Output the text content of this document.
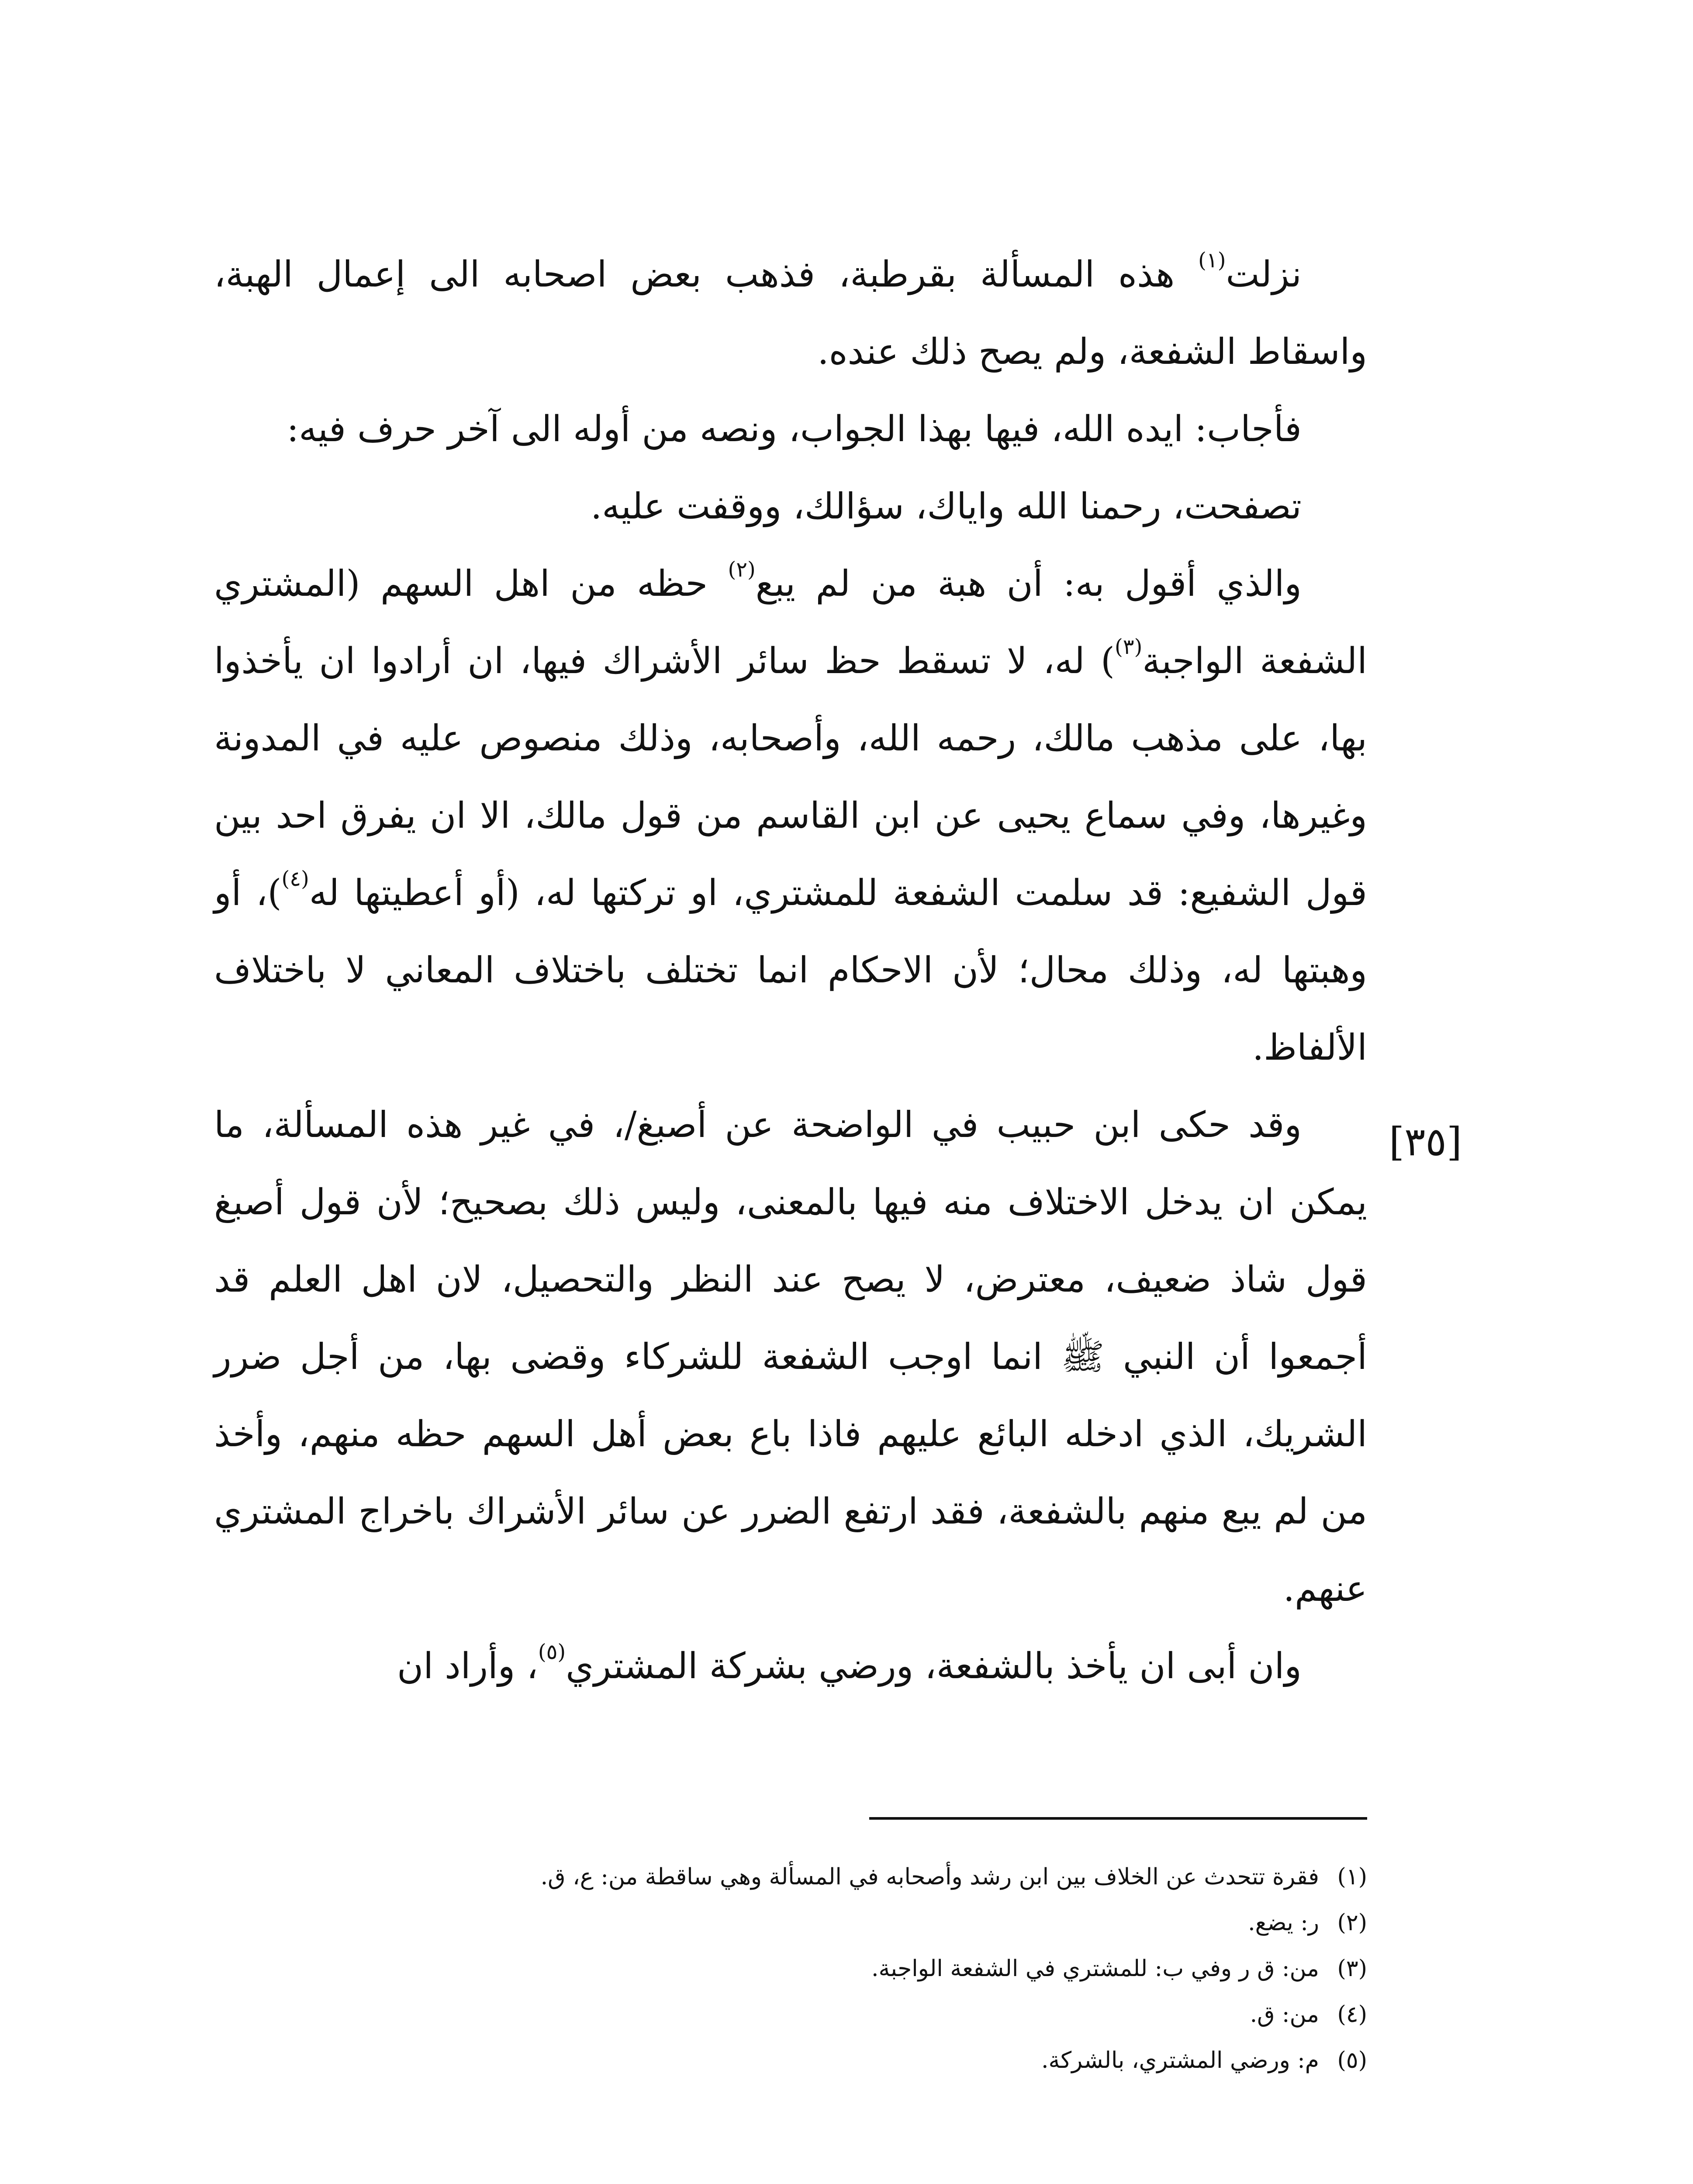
نزلت$^{(١)}$ هذه المسألة بقرطبة، فذهب بعض اصحابه الى إعمال الهبة، واسقاط الشفعة، ولم يصح ذلك عنده.

فأجاب: ايده الله، فيها بهذا الجواب، ونصه من أوله الى آخر حرف فيه:

تصفحت، رحمنا الله واياك، سؤالك، ووقفت عليه.

والذي أقول به: أن هبة من لم يبع$^{(٢)}$ حظه من اهل السهم (المشتري الشفعة الواجبة$^{(٣)}$) له، لا تسقط حظ سائر الأشراك فيها، ان أرادوا ان يأخذوا بها، على مذهب مالك، رحمه الله، وأصحابه، وذلك منصوص عليه في المدونة وغيرها، وفي سماع يحيى عن ابن القاسم من قول مالك، الا ان يفرق احد بين قول الشفيع: قد سلمت الشفعة للمشتري، او تركتها له، (أو أعطيتها له$^{(٤)}$)، أو وهبتها له، وذلك محال؛ لأن الاحكام انما تختلف باختلاف المعاني لا باختلاف الألفاظ.

وقد حكى ابن حبيب في الواضحة عن أصبغ/، في غير هذه المسألة، ما يمكن ان يدخل الاختلاف منه فيها بالمعنى، وليس ذلك بصحيح؛ لأن قول أصبغ قول شاذ ضعيف، معترض، لا يصح عند النظر والتحصيل، لان اهل العلم قد أجمعوا أن النبي ﷺ انما اوجب الشفعة للشركاء وقضى بها، من أجل ضرر الشريك، الذي ادخله البائع عليهم فاذا باع بعض أهل السهم حظه منهم، وأخذ من لم يبع منهم بالشفعة، فقد ارتفع الضرر عن سائر الأشراك باخراج المشتري عنهم.

وان أبى ان يأخذ بالشفعة، ورضي بشركة المشتري$^{(٥)}$، وأراد ان

[٣٥]
(١)فقرة تتحدث عن الخلاف بين ابن رشد وأصحابه في المسألة وهي ساقطة من: ع، ق.
(٢)ر: يضع.
(٣)من: ق ر وفي ب: للمشتري في الشفعة الواجبة.
(٤)من: ق.
(٥)م: ورضي المشتري، بالشركة.
